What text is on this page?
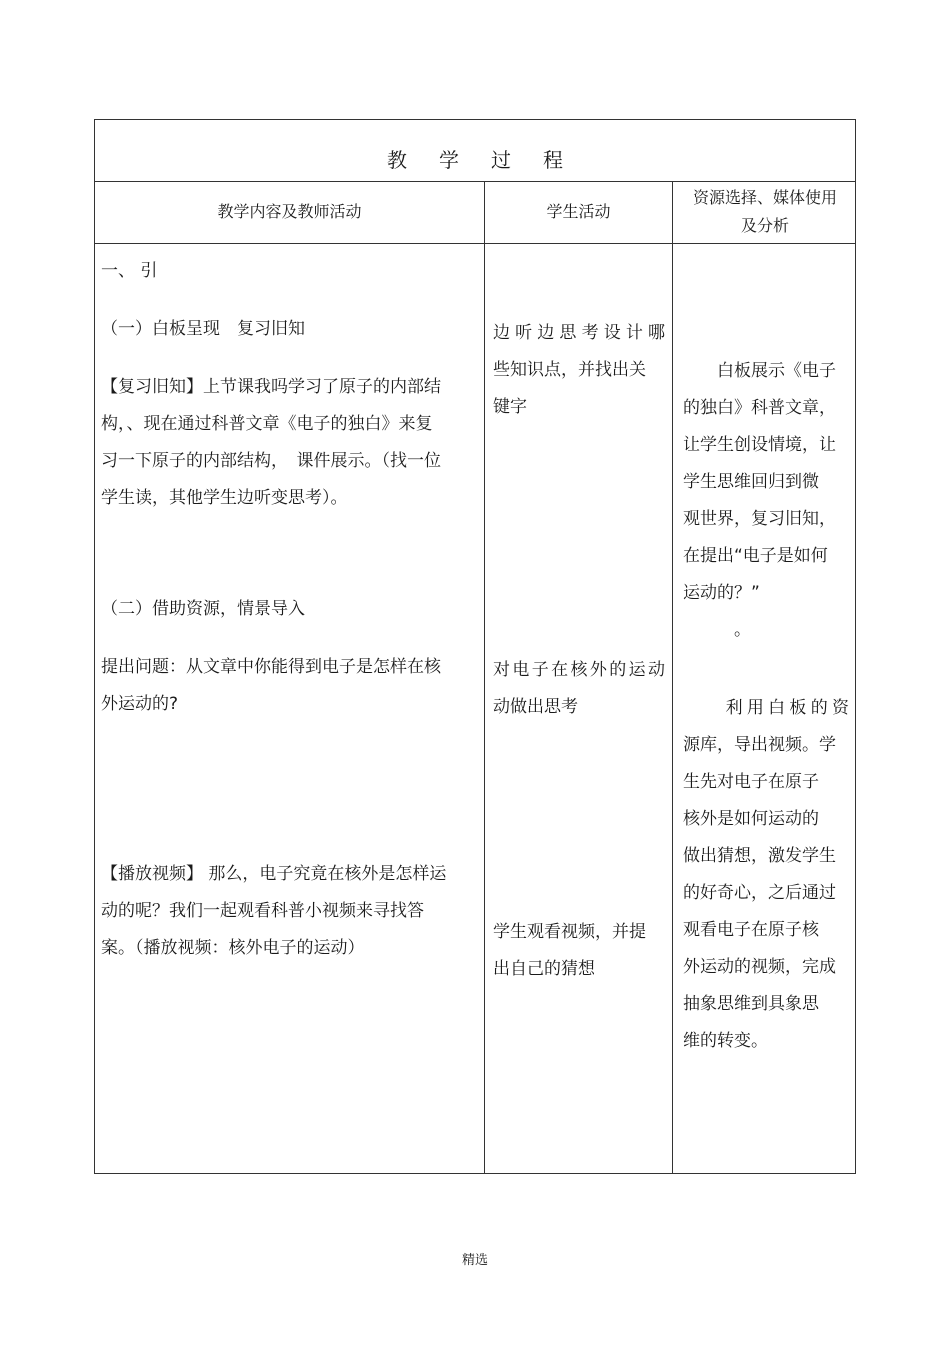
教学过程
教学内容及教师活动	学生活动
资源选择、媒体使用
及分析
一、 引
（一）白板呈现　复习旧知
【复习旧知】上节课我吗学习了原子的内部结
构，、现在通过科普文章《电子的独白》来复
习一下原子的内部结构，　课件展示。（找一位
学生读，其他学生边听变思考）。
（二）借助资源，情景导入
提出问题：从文章中你能得到电子是怎样在核
外运动的?
【播放视频】 那么，电子究竟在核外是怎样运
动的呢？我们一起观看科普小视频来寻找答
案。（播放视频：核外电子的运动）
边听边思考设计哪
些知识点，并找出关
键字
对电子在核外的运动
动做出思考
学生观看视频，并提
出自己的猜想
　　白板展示《电子
的独白》科普文章，
让学生创设情境，让
学生思维回归到微
观世界，复习旧知，
在提出“电子是如何
运动的？”
　　　。
　　利用白板的资
源库，导出视频。学
生先对电子在原子
核外是如何运动的
做出猜想，激发学生
的好奇心，之后通过
观看电子在原子核
外运动的视频，完成
抽象思维到具象思
维的转变。
精选
